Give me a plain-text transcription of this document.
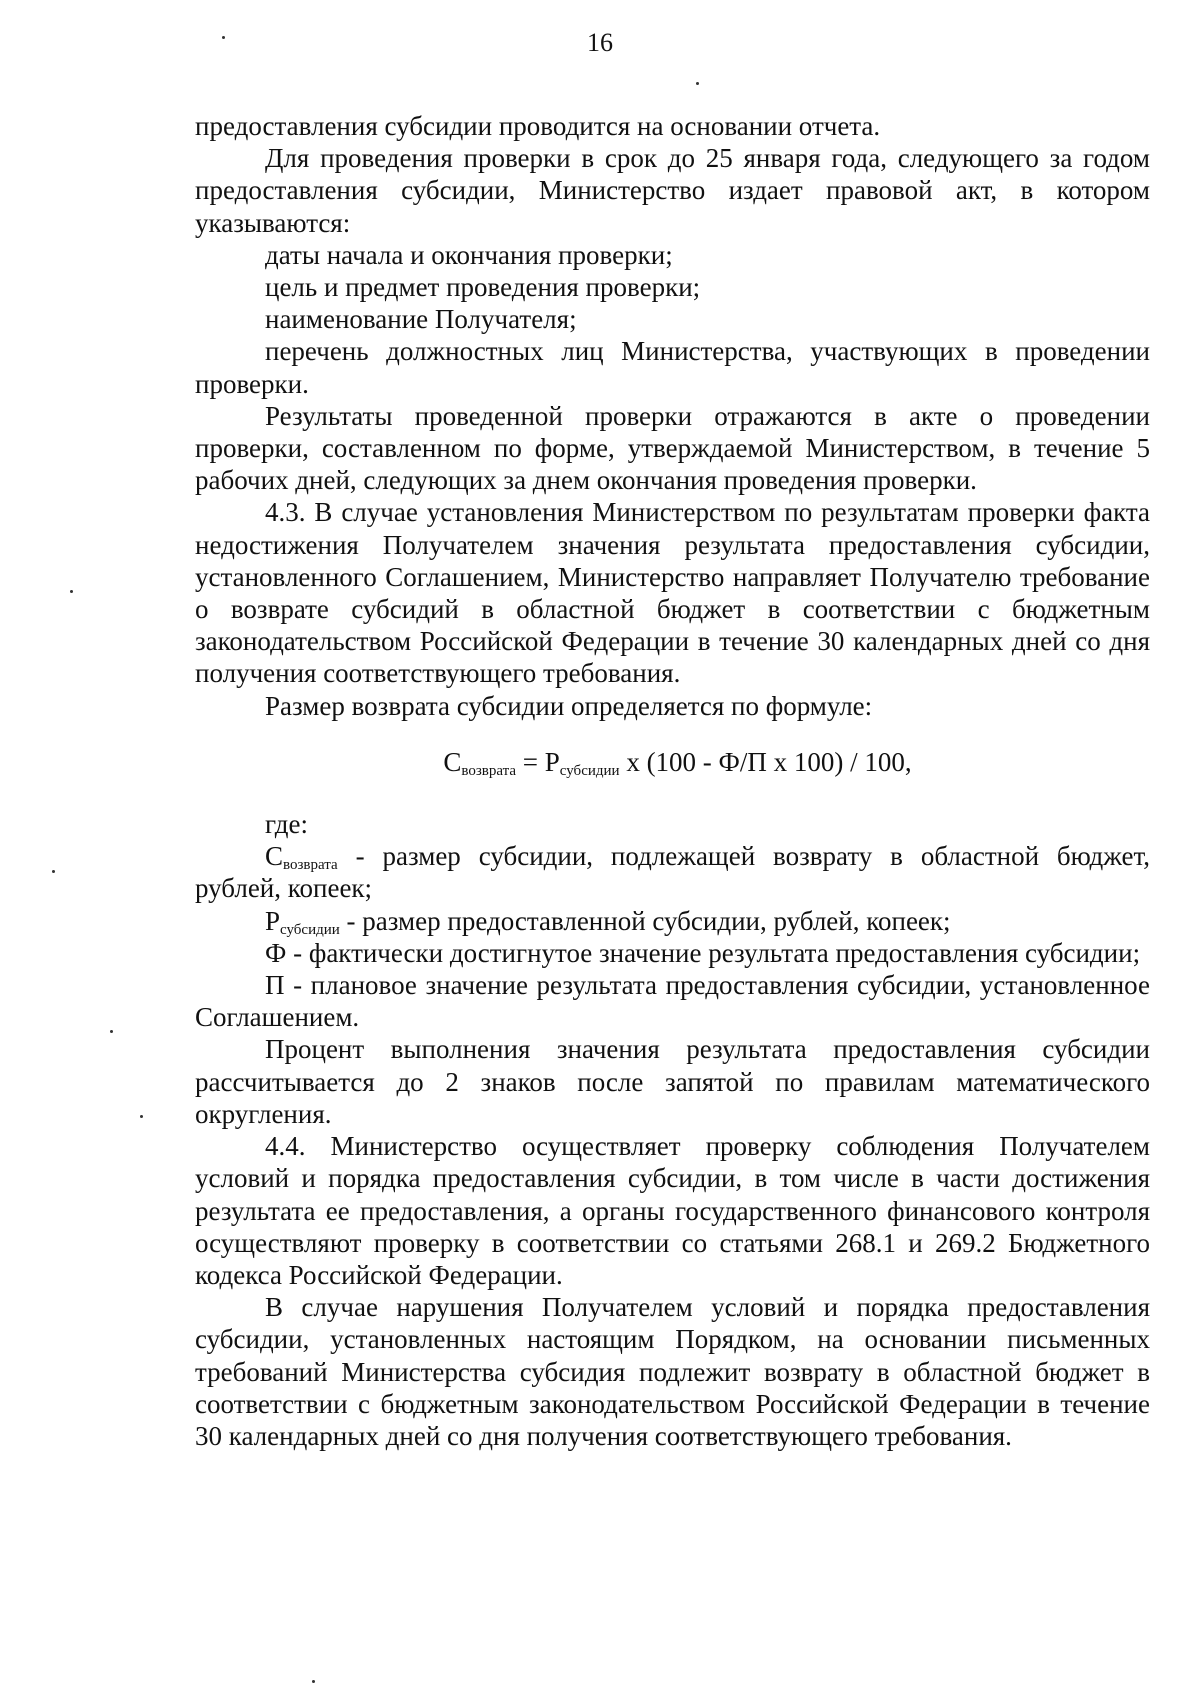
16

предоставления субсидии проводится на основании отчета.

Для проведения проверки в срок до 25 января года, следующего за годом предоставления субсидии, Министерство издает правовой акт, в котором указываются:

даты начала и окончания проверки;

цель и предмет проведения проверки;

наименование Получателя;

перечень должностных лиц Министерства, участвующих в проведении проверки.

Результаты проведенной проверки отражаются в акте о проведении проверки, составленном по форме, утверждаемой Министерством, в течение 5 рабочих дней, следующих за днем окончания проведения проверки.

4.3. В случае установления Министерством по результатам проверки факта недостижения Получателем значения результата предоставления субсидии, установленного Соглашением, Министерство направляет Получателю требование о возврате субсидий в областной бюджет в соответствии с бюджетным законодательством Российской Федерации в течение 30 календарных дней со дня получения соответствующего требования.

Размер возврата субсидии определяется по формуле:

$С_{возврата} = Р_{субсидии}$ х (100 - Ф/П х 100) / 100,

где:

$С_{возврата}$ - размер субсидии, подлежащей возврату в областной бюджет, рублей, копеек;

$Р_{субсидии}$ - размер предоставленной субсидии, рублей, копеек;

Ф - фактически достигнутое значение результата предоставления субсидии;

П - плановое значение результата предоставления субсидии, установленное Соглашением.

Процент выполнения значения результата предоставления субсидии рассчитывается до 2 знаков после запятой по правилам математического округления.

4.4. Министерство осуществляет проверку соблюдения Получателем условий и порядка предоставления субсидии, в том числе в части достижения результата ее предоставления, а органы государственного финансового контроля осуществляют проверку в соответствии со статьями 268.1 и 269.2 Бюджетного кодекса Российской Федерации.

В случае нарушения Получателем условий и порядка предоставления субсидии, установленных настоящим Порядком, на основании письменных требований Министерства субсидия подлежит возврату в областной бюджет в соответствии с бюджетным законодательством Российской Федерации в течение 30 календарных дней со дня получения соответствующего требования.
